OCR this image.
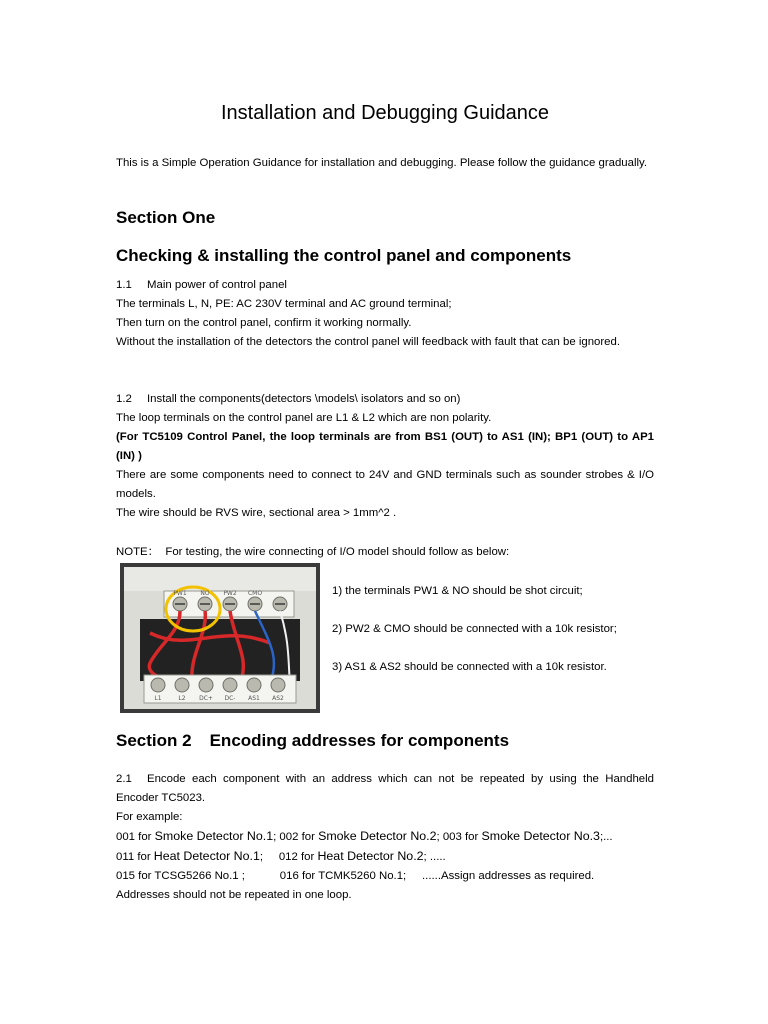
Installation and Debugging Guidance

This is a Simple Operation Guidance for installation and debugging. Please follow the guidance gradually.

Section One
Checking & installing the control panel and components

1.1 Main power of control panel

The terminals L, N, PE: AC 230V terminal and AC ground terminal;

Then turn on the control panel, confirm it working normally.

Without the installation of the detectors the control panel will feedback with fault that can be ignored.

1.2 Install the components(detectors \models\ isolators and so on)

The loop terminals on the control panel are L1 & L2 which are non polarity.

(For TC5109 Control Panel, the loop terminals are from BS1 (OUT) to AS1 (IN); BP1 (OUT) to AP1 (IN) )

There are some components need to connect to 24V and GND terminals such as sounder strobes & I/O models.

The wire should be RVS wire, sectional area > 1mm^2 .

NOTE： For testing, the wire connecting of I/O model should follow as below:

PW1 NO PW2 CMO
L1	L2 DC+ DC- AS1 AS2

1) the terminals PW1 & NO should be shot circuit;

2) PW2 & CMO should be connected with a 10k resistor;

3) AS1 & AS2 should be connected with a 10k resistor.

Section 2 Encoding addresses for components

2.1 Encode each component with an address which can not be repeated by using the Handheld Encoder TC5023.

For example:

001 for Smoke Detector No.1; 002 for Smoke Detector No.2; 003 for Smoke Detector No.3;...

011 for Heat Detector No.1;     012 for Heat Detector No.2; .....

015 for TCSG5266 No.1 ;           016 for TCMK5260 No.1;     ......Assign addresses as required.

Addresses should not be repeated in one loop.
